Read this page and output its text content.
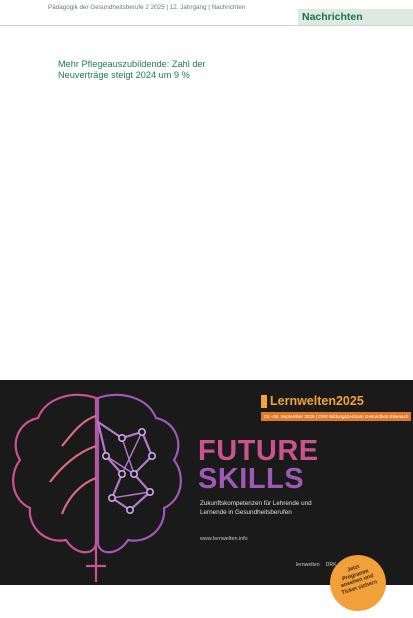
Pädagogik der Gesundheitsberufe 2 2025 | 12. Jahrgang | Nachrichten
Nachrichten
Mehr Pflegeauszubildende: Zahl der Neuverträge steigt 2024 um 9 %
Lernwelten2025
23.–26. September 2025 | DRK Bildungszentrum Gesundheit Eisenach
FUTURE
SKILLS
Zukunftskompetenzen für Lehrende und Lernende in Gesundheitsberufen
www.lernwelten.info
Jetzt Programm ansehen und Ticket sichern
lernwelten DRK
